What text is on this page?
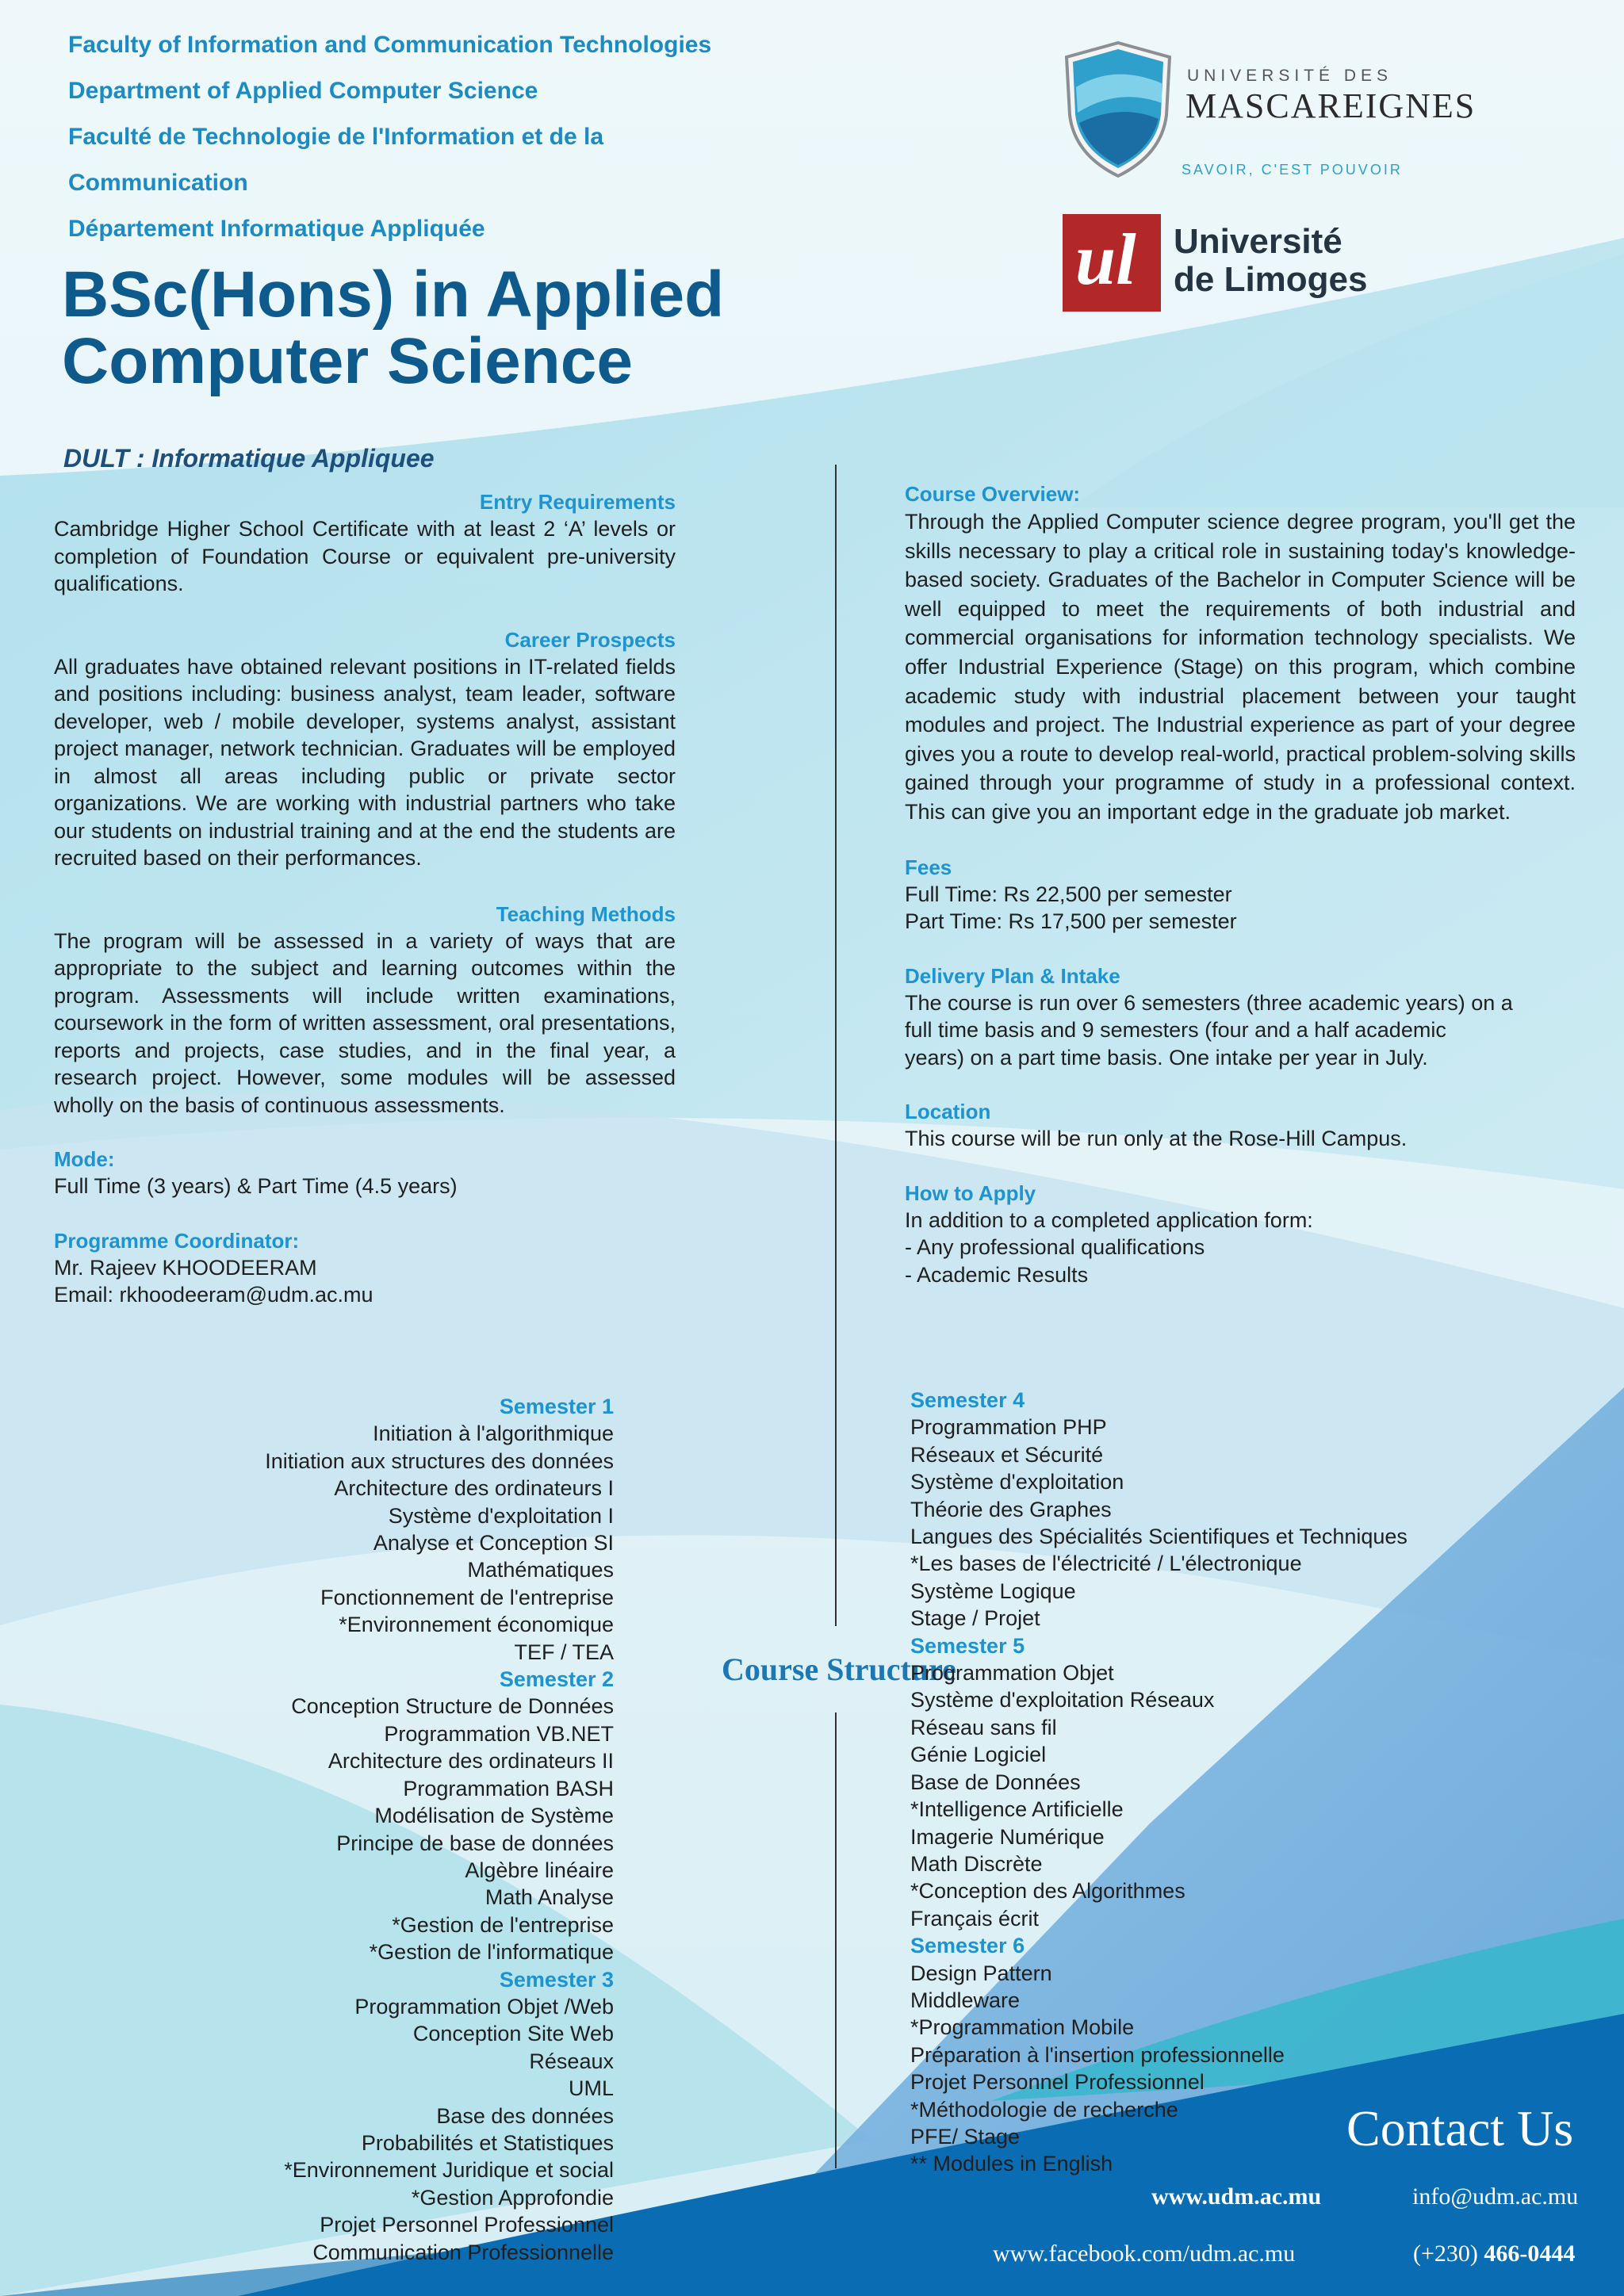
Faculty of Information and Communication Technologies
Department of Applied Computer Science
Faculté de Technologie de l'Information et de la
Communication
Département Informatique Appliquée
UNIVERSITÉ DES
MASCAREIGNES
SAVOIR, C'EST POUVOIR
ul Université
de Limoges
BSc(Hons) in Applied
Computer Science
DULT : Informatique Appliquee
Entry Requirements
Cambridge Higher School Certificate with at least 2 ‘A’ levels or completion of Foundation Course or equivalent pre-university qualifications.
Career Prospects
All graduates have obtained relevant positions in IT-related fields and positions including: business analyst, team leader, software developer, web / mobile developer, systems analyst, assistant project manager, network technician. Graduates will be employed in almost all areas including public or private sector organizations. We are working with industrial partners who take our students on industrial training and at the end the students are recruited based on their performances.
Teaching Methods
The program will be assessed in a variety of ways that are appropriate to the subject and learning outcomes within the program. Assessments will include written examinations, coursework in the form of written assessment, oral presentations, reports and projects, case studies, and in the final year, a research project. However, some modules will be assessed wholly on the basis of continuous assessments.
Mode:
Full Time (3 years) & Part Time (4.5 years)
Programme Coordinator:
Mr. Rajeev KHOODEERAM
Email: rkhoodeeram@udm.ac.mu
Course Overview:
Through the Applied Computer science degree program, you'll get the skills necessary to play a critical role in sustaining today's knowledge-based society. Graduates of the Bachelor in Computer Science will be well equipped to meet the requirements of both industrial and commercial organisations for information technology specialists. We offer Industrial Experience (Stage) on this program, which combine academic study with industrial placement between your taught modules and project. The Industrial experience as part of your degree gives you a route to develop real-world, practical problem-solving skills gained through your programme of study in a professional context. This can give you an important edge in the graduate job market.
Fees
Full Time: Rs 22,500 per semester
Part Time: Rs 17,500 per semester
Delivery Plan & Intake
The course is run over 6 semesters (three academic years) on a
full time basis and 9 semesters (four and a half academic
years) on a part time basis. One intake per year in July.
Location
This course will be run only at the Rose-Hill Campus.
How to Apply
In addition to a completed application form:
- Any professional qualifications
- Academic Results
Course Structure
Semester 1
Initiation à l'algorithmique
Initiation aux structures des données
Architecture des ordinateurs I
Système d'exploitation I
Analyse et Conception SI
Mathématiques
Fonctionnement de l'entreprise
*Environnement économique
TEF / TEA
Semester 2
Conception Structure de Données
Programmation VB.NET
Architecture des ordinateurs II
Programmation BASH
Modélisation de Système
Principe de base de données
Algèbre linéaire
Math Analyse
*Gestion de l'entreprise
*Gestion de l'informatique
Semester 3
Programmation Objet /Web
Conception Site Web
Réseaux
UML
Base des données
Probabilités et Statistiques
*Environnement Juridique et social
*Gestion Approfondie
Projet Personnel Professionnel
Communication Professionnelle
Semester 4
Programmation PHP
Réseaux et Sécurité
Système d'exploitation
Théorie des Graphes
Langues des Spécialités Scientifiques et Techniques
*Les bases de l'électricité / L'électronique
Système Logique
Stage / Projet
Semester 5
Programmation Objet
Système d'exploitation Réseaux
Réseau sans fil
Génie Logiciel
Base de Données
*Intelligence Artificielle
Imagerie Numérique
Math Discrète
*Conception des Algorithmes
Français écrit
Semester 6
Design Pattern
Middleware
*Programmation Mobile
Préparation à l'insertion professionnelle
Projet Personnel Professionnel
*Méthodologie de recherche
PFE/ Stage
** Modules in English
Contact Us
www.udm.ac.mu	info@udm.ac.mu
www.facebook.com/udm.ac.mu	(+230) 466-0444
